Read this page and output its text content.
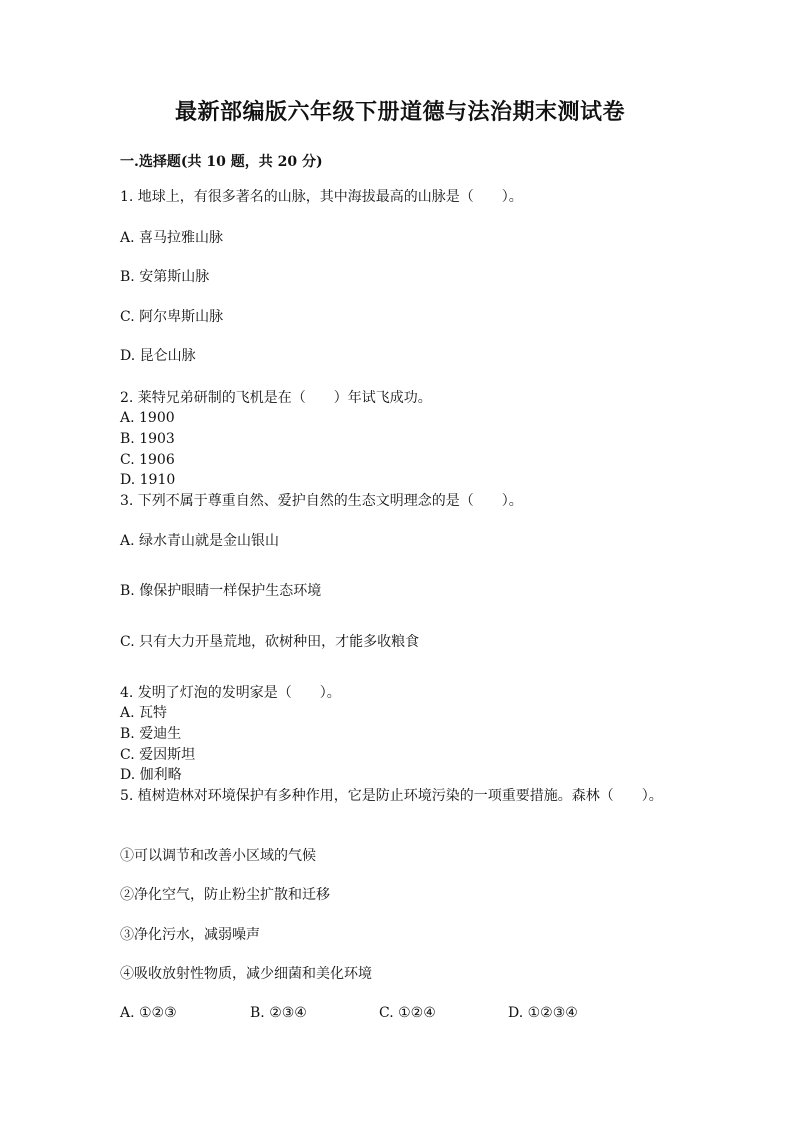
最新部编版六年级下册道德与法治期末测试卷
一.选择题(共 10 题，共 20 分)
1. 地球上，有很多著名的山脉，其中海拔最高的山脉是（　　）。
A. 喜马拉雅山脉
B. 安第斯山脉
C. 阿尔卑斯山脉
D. 昆仑山脉
2. 莱特兄弟研制的飞机是在（　　）年试飞成功。
A. 1900
B. 1903
C. 1906
D. 1910
3. 下列不属于尊重自然、爱护自然的生态文明理念的是（　　）。
A. 绿水青山就是金山银山
B. 像保护眼睛一样保护生态环境
C. 只有大力开垦荒地，砍树种田，才能多收粮食
4. 发明了灯泡的发明家是（　　）。
A. 瓦特
B. 爱迪生
C. 爱因斯坦
D. 伽利略
5. 植树造林对环境保护有多种作用，它是防止环境污染的一项重要措施。森林（　　）。
①可以调节和改善小区域的气候
②净化空气，防止粉尘扩散和迁移
③净化污水，减弱噪声
④吸收放射性物质，减少细菌和美化环境
A. ①②③	B. ②③④	C. ①②④	D. ①②③④
